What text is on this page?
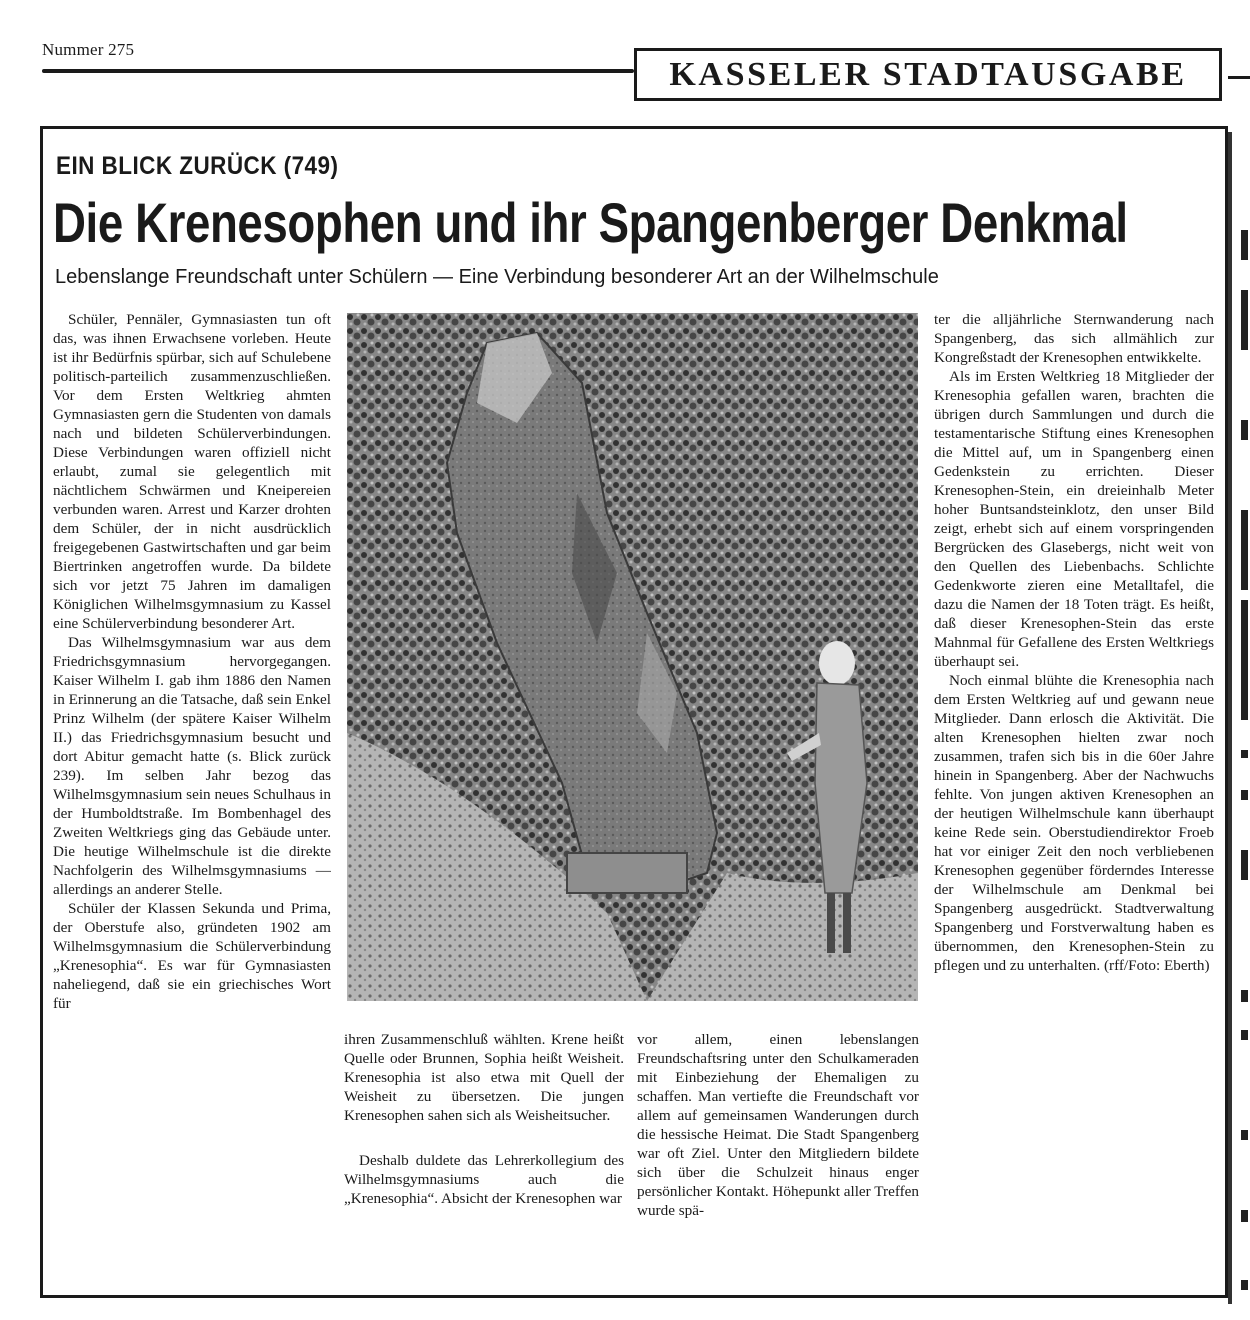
Nummer 275
KASSELER STADTAUSGABE
EIN BLICK ZURÜCK (749)
Die Krenesophen und ihr Spangenberger Denkmal
Lebenslange Freundschaft unter Schülern — Eine Verbindung besonderer Art an der Wilhelmschule

Schüler, Pennäler, Gymnasiasten tun oft das, was ihnen Erwachsene vorleben. Heute ist ihr Bedürfnis spürbar, sich auf Schulebene politisch-parteilich zusammenzuschließen. Vor dem Ersten Weltkrieg ahmten Gymnasiasten gern die Studenten von damals nach und bildeten Schülerverbindungen. Diese Verbindungen waren offiziell nicht erlaubt, zumal sie gelegentlich mit nächtlichem Schwärmen und Kneipereien verbunden waren. Arrest und Karzer drohten dem Schüler, der in nicht ausdrücklich freigegebenen Gastwirtschaften und gar beim Biertrinken angetroffen wurde. Da bildete sich vor jetzt 75 Jahren im damaligen Königlichen Wilhelmsgymnasium zu Kassel eine Schülerverbindung besonderer Art.

Das Wilhelmsgymnasium war aus dem Friedrichsgymnasium hervorgegangen. Kaiser Wilhelm I. gab ihm 1886 den Namen in Erinnerung an die Tatsache, daß sein Enkel Prinz Wilhelm (der spätere Kaiser Wilhelm II.) das Friedrichsgymnasium besucht und dort Abitur gemacht hatte (s. Blick zurück 239). Im selben Jahr bezog das Wilhelmsgymnasium sein neues Schulhaus in der Humboldtstraße. Im Bombenhagel des Zweiten Weltkriegs ging das Gebäude unter. Die heutige Wilhelmschule ist die direkte Nachfolgerin des Wilhelmsgymnasiums — allerdings an anderer Stelle.

Schüler der Klassen Sekunda und Prima, der Oberstufe also, gründeten 1902 am Wilhelmsgymnasium die Schülerverbindung „Krenesophia“. Es war für Gymnasiasten naheliegend, daß sie ein griechisches Wort für

ihren Zusammenschluß wählten. Krene heißt Quelle oder Brunnen, Sophia heißt Weisheit. Krenesophia ist also etwa mit Quell der Weisheit zu übersetzen. Die jungen Krenesophen sahen sich als Weisheitsucher.

Deshalb duldete das Lehrerkollegium des Wilhelmsgymnasiums auch die „Krenesophia“. Absicht der Krenesophen war

vor allem, einen lebenslangen Freundschaftsring unter den Schulkameraden mit Einbeziehung der Ehemaligen zu schaffen. Man vertiefte die Freundschaft vor allem auf gemeinsamen Wanderungen durch die hessische Heimat. Die Stadt Spangenberg war oft Ziel. Unter den Mitgliedern bildete sich über die Schulzeit hinaus enger persönlicher Kontakt. Höhepunkt aller Treffen wurde spä-

ter die alljährliche Sternwanderung nach Spangenberg, das sich allmählich zur Kongreßstadt der Krenesophen entwikkelte.

Als im Ersten Weltkrieg 18 Mitglieder der Krenesophia gefallen waren, brachten die übrigen durch Sammlungen und durch die testamentarische Stiftung eines Krenesophen die Mittel auf, um in Spangenberg einen Gedenkstein zu errichten. Dieser Krenesophen-Stein, ein dreieinhalb Meter hoher Buntsandsteinklotz, den unser Bild zeigt, erhebt sich auf einem vorspringenden Bergrücken des Glasebergs, nicht weit von den Quellen des Liebenbachs. Schlichte Gedenkworte zieren eine Metalltafel, die dazu die Namen der 18 Toten trägt. Es heißt, daß dieser Krenesophen-Stein das erste Mahnmal für Gefallene des Ersten Weltkriegs überhaupt sei.

Noch einmal blühte die Krenesophia nach dem Ersten Weltkrieg auf und gewann neue Mitglieder. Dann erlosch die Aktivität. Die alten Krenesophen hielten zwar noch zusammen, trafen sich bis in die 60er Jahre hinein in Spangenberg. Aber der Nachwuchs fehlte. Von jungen aktiven Krenesophen an der heutigen Wilhelmschule kann überhaupt keine Rede sein. Oberstudiendirektor Froeb hat vor einiger Zeit den noch verbliebenen Krenesophen gegenüber förderndes Interesse der Wilhelmschule am Denkmal bei Spangenberg ausgedrückt. Stadtverwaltung Spangenberg und Forstverwaltung haben es übernommen, den Krenesophen-Stein zu pflegen und zu unterhalten. (rff/Foto: Eberth)
